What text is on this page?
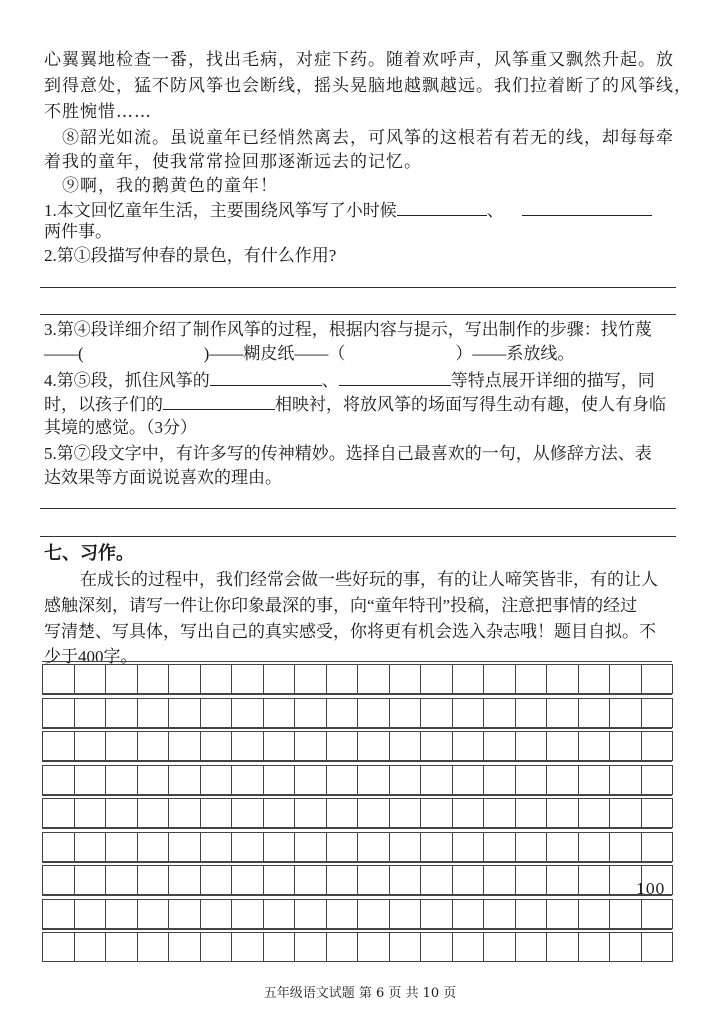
心翼翼地检查一番，找出毛病，对症下药。随着欢呼声，风筝重又飘然升起。放
到得意处，猛不防风筝也会断线，摇头晃脑地越飘越远。我们拉着断了的风筝线，
不胜惋惜……
⑧韶光如流。虽说童年已经悄然离去，可风筝的这根若有若无的线，却每每牵
着我的童年，使我常常捡回那逐渐远去的记忆。
⑨啊，我的鹅黄色的童年！
1.本文回忆童年生活，主要围绕风筝写了小时候	、
两件事。
2.第①段描写仲春的景色，有什么作用?
3.第④段详细介绍了制作风筝的过程，根据内容与提示，写出制作的步骤：找竹蔑
——(	)——糊皮纸——（	）——系放线。
4.第⑤段，抓住风筝的	、	等特点展开详细的描写，同
时，以孩子们的	相映衬，将放风筝的场面写得生动有趣，使人有身临
其境的感觉。（3分）
5.第⑦段文字中，有许多写的传神精妙。选择自己最喜欢的一句，从修辞方法、表
达效果等方面说说喜欢的理由。
七、习作。
在成长的过程中，我们经常会做一些好玩的事，有的让人啼笑皆非，有的让人
感触深刻，请写一件让你印象最深的事，向“童年特刊”投稿，注意把事情的经过
写清楚、写具体，写出自己的真实感受，你将更有机会选入杂志哦！题目自拟。不
少于400字。
100
五年级语文试题 第 6 页 共 10 页
